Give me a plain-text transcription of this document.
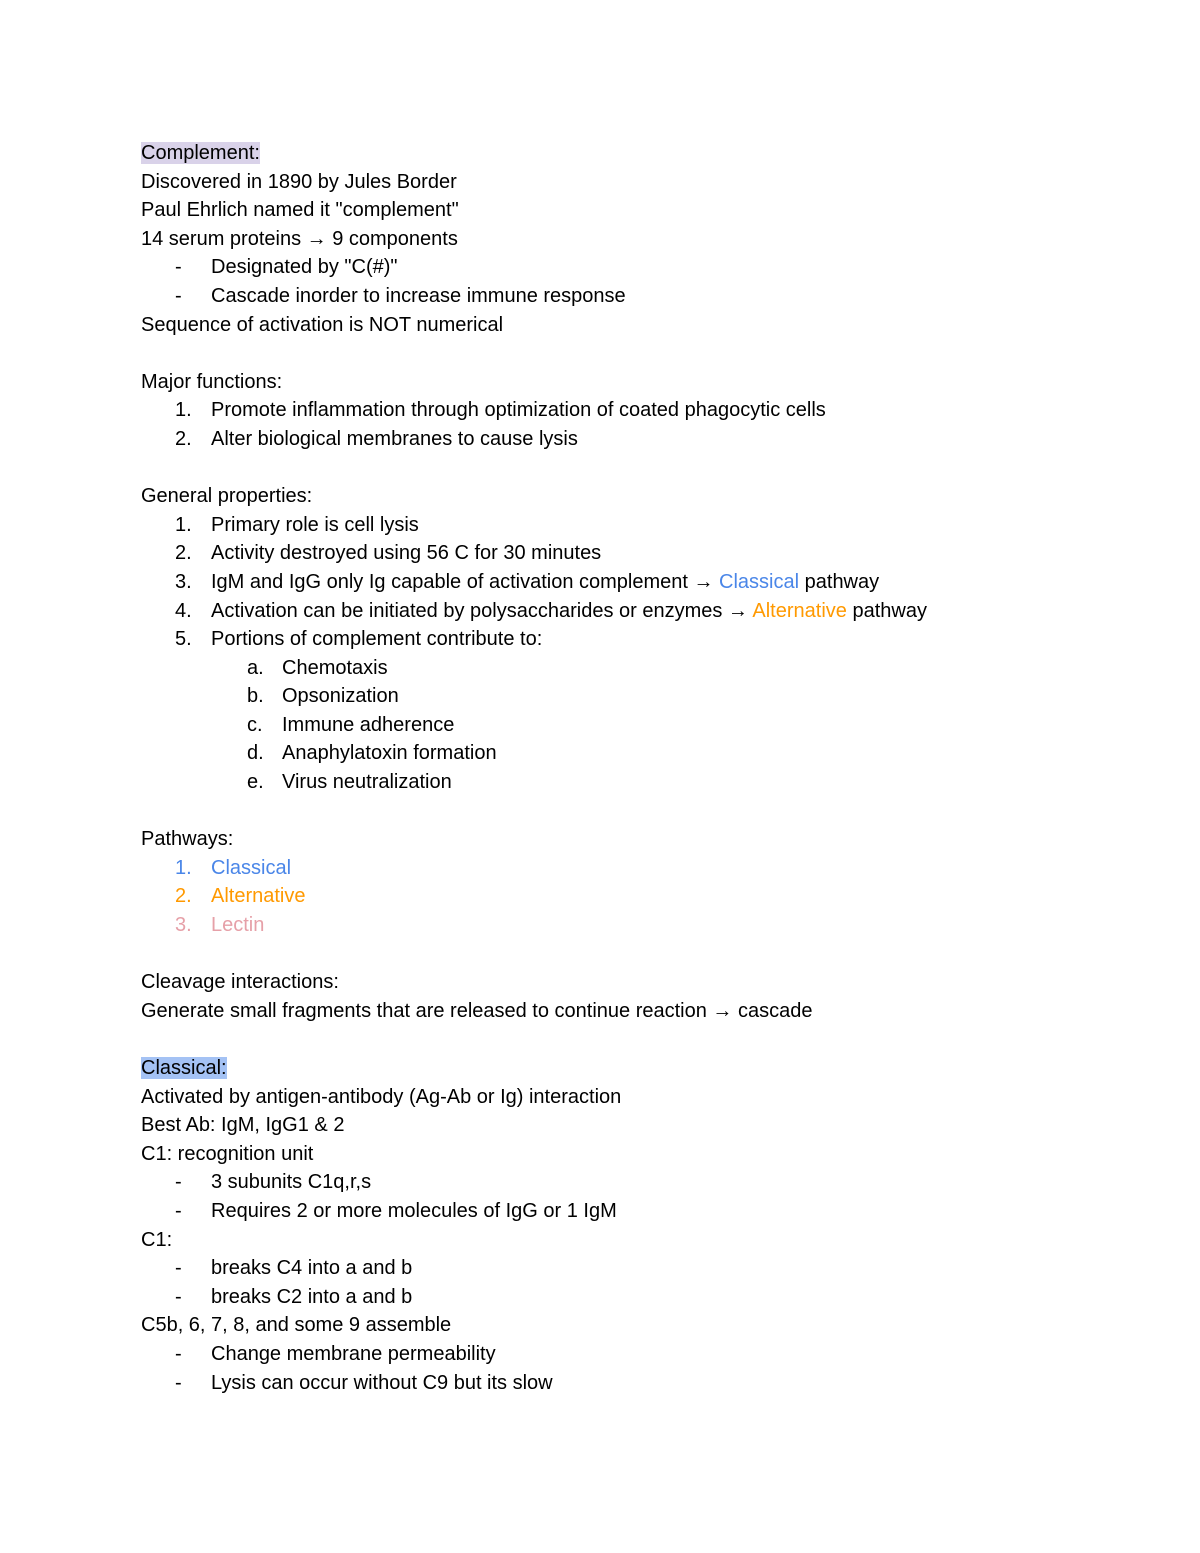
Complement:
Discovered in 1890 by Jules Border
Paul Ehrlich named it "complement"
14 serum proteins → 9 components
- Designated by "C(#)"
- Cascade inorder to increase immune response
Sequence of activation is NOT numerical
Major functions:
1. Promote inflammation through optimization of coated phagocytic cells
2. Alter biological membranes to cause lysis
General properties:
1. Primary role is cell lysis
2. Activity destroyed using 56 C for 30 minutes
3. IgM and IgG only Ig capable of activation complement → Classical pathway
4. Activation can be initiated by polysaccharides or enzymes → Alternative pathway
5. Portions of complement contribute to:
a. Chemotaxis
b. Opsonization
c. Immune adherence
d. Anaphylatoxin formation
e. Virus neutralization
Pathways:
1. Classical
2. Alternative
3. Lectin
Cleavage interactions:
Generate small fragments that are released to continue reaction → cascade
Classical:
Activated by antigen-antibody (Ag-Ab or Ig) interaction
Best Ab: IgM, IgG1 & 2
C1: recognition unit
- 3 subunits C1q,r,s
- Requires 2 or more molecules of IgG or 1 IgM
C1:
- breaks C4 into a and b
- breaks C2 into a and b
C5b, 6, 7, 8, and some 9 assemble
- Change membrane permeability
- Lysis can occur without C9 but its slow
